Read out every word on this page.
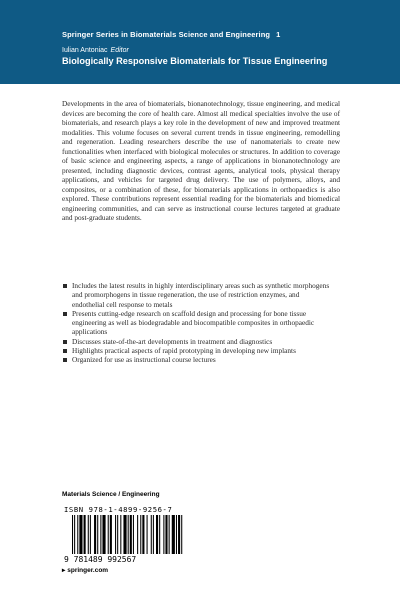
Springer Series in Biomaterials Science and Engineering 1
Iulian Antoniac Editor
Biologically Responsive Biomaterials for Tissue Engineering

Developments in the area of biomaterials, bionanotechnology, tissue engineering, and medical devices are becoming the core of health care. Almost all medical specialties involve the use of biomaterials, and research plays a key role in the development of new and improved treatment modalities. This volume focuses on several current trends in tissue engineering, remodelling and regeneration. Leading researchers describe the use of nanomaterials to create new functionalities when interfaced with biological molecules or structures. In addition to coverage of basic science and engineering aspects, a range of applications in bionanotechnology are presented, including diagnostic devices, contrast agents, analytical tools, physical therapy applications, and vehicles for targeted drug delivery. The use of polymers, alloys, and composites, or a combination of these, for biomaterials applications in orthopaedics is also explored. These contributions represent essential reading for the biomaterials and biomedical engineering communities, and can serve as instructional course lectures targeted at graduate and post-graduate students.

Includes the latest results in highly interdisciplinary areas such as synthetic morphogens and promorphogens in tissue regeneration, the use of restriction enzymes, and endothelial cell response to metals
Presents cutting-edge research on scaffold design and processing for bone tissue engineering as well as biodegradable and biocompatible composites in orthopaedic applications
Discusses state-of-the-art developments in treatment and diagnostics
Highlights practical aspects of rapid prototyping in developing new implants
Organized for use as instructional course lectures
Materials Science / Engineering
9 781489 992567
ISBN 978-1-4899-9256-7
▸ springer.com
